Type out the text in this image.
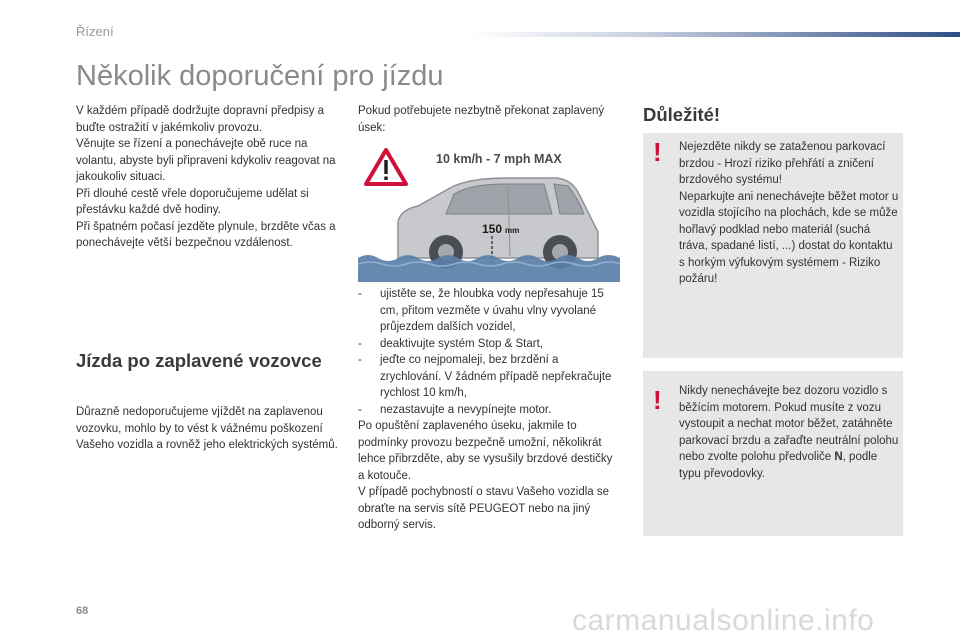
Řízení
Několik doporučení pro jízdu

V každém případě dodržujte dopravní předpisy a buďte ostražití v jakémkoliv provozu.

Věnujte se řízení a ponechávejte obě ruce na volantu, abyste byli připraveni kdykoliv reagovat na jakoukoliv situaci.

Při dlouhé cestě vřele doporučujeme udělat si přestávku každé dvě hodiny.

Při špatném počasí jezděte plynule, brzděte včas a ponechávejte větší bezpečnou vzdálenost.

Jízda po zaplavené vozovce

Důrazně nedoporučujeme vjíždět na zaplavenou vozovku, mohlo by to vést k vážnému poškození Vašeho vozidla a rovněž jeho elektrických systémů.

Pokud potřebujete nezbytně překonat zaplavený úsek:

10 km/h - 7 mph MAX
150 mm
- ujistěte se, že hloubka vody nepřesahuje 15 cm, přitom vezměte v úvahu vlny vyvolané průjezdem dalších vozidel,
- deaktivujte systém Stop & Start,
- jeďte co nejpomaleji, bez brzdění a zrychlování. V žádném případě nepřekračujte rychlost 10 km/h,
- nezastavujte a nevypínejte motor.

Po opuštění zaplaveného úseku, jakmile to podmínky provozu bezpečně umožní, několikrát lehce přibrzděte, aby se vysušily brzdové destičky a kotouče.

V případě pochybností o stavu Vašeho vozidla se obraťte na servis sítě PEUGEOT nebo na jiný odborný servis.

Důležité!
! Nejezděte nikdy se zataženou parkovací brzdou - Hrozí riziko přehřátí a zničení brzdového systému!
Neparkujte ani nenechávejte běžet motor u vozidla stojícího na plochách, kde se může hořlavý podklad nebo materiál (suchá tráva, spadané listí, ...) dostat do kontaktu s horkým výfukovým systémem - Riziko požáru!

! Nikdy nenechávejte bez dozoru vozidlo s běžícím motorem. Pokud musíte z vozu vystoupit a nechat motor běžet, zatáhněte parkovací brzdu a zařaďte neutrální polohu nebo zvolte polohu předvoliče N, podle typu převodovky.

68	carmanualsonline.info
